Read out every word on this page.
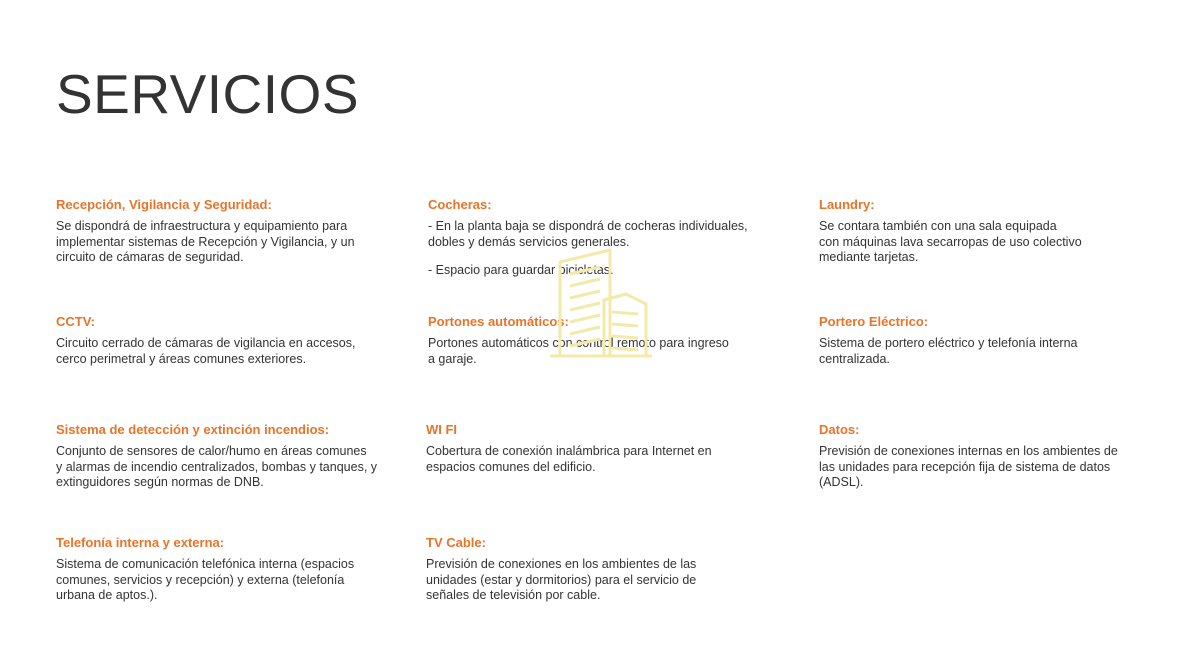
SERVICIOS
Recepción, Vigilancia y Seguridad:

Se dispondrá de infraestructura y equipamiento para
implementar sistemas de Recepción y Vigilancia, y un
circuito de cámaras de seguridad.

Cocheras:

- En la planta baja se dispondrá de cocheras individuales,
dobles y demás servicios generales.

- Espacio para guardar bicicletas.

Laundry:

Se contara también con una sala equipada
con máquinas lava secarropas de uso colectivo
mediante tarjetas.

CCTV:

Circuito cerrado de cámaras de vigilancia en accesos,
cerco perimetral y áreas comunes exteriores.

Portones automáticos:

Portones automáticos con control remoto para ingreso
a garaje.

Portero Eléctrico:

Sistema de portero eléctrico y telefonía interna
centralizada.

Sistema de detección y extinción incendios:

Conjunto de sensores de calor/humo en áreas comunes
y alarmas de incendio centralizados, bombas y tanques, y
extinguidores según normas de DNB.

WI FI

Cobertura de conexión inalámbrica para Internet en
espacios comunes del edificio.

Datos:

Previsión de conexiones internas en los ambientes de
las unidades para recepción fija de sistema de datos
(ADSL).

Telefonía interna y externa:

Sistema de comunicación telefónica interna (espacios
comunes, servicios y recepción) y externa (telefonía
urbana de aptos.).

TV Cable:

Previsión de conexiones en los ambientes de las
unidades (estar y dormitorios) para el servicio de
señales de televisión por cable.
